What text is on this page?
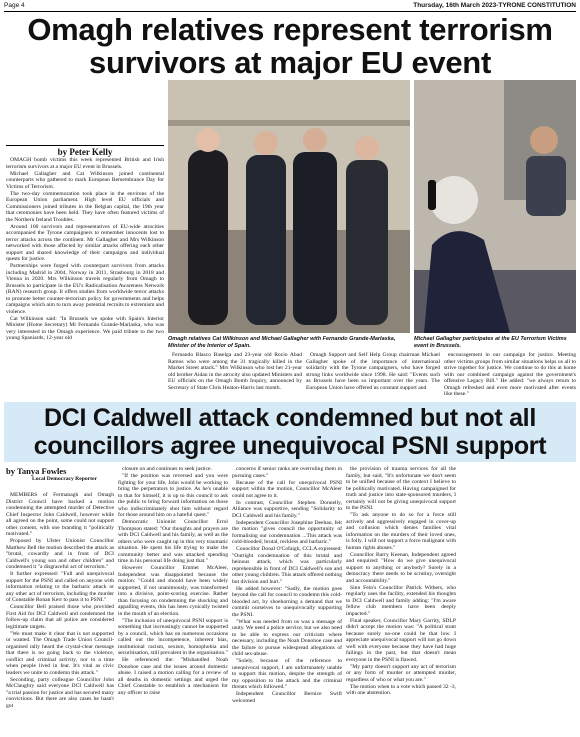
Page 4	Thursday, 16th March 2023-TYRONE CONSTITUTION
Omagh relatives represent terrorism survivors at major EU event
by Peter Kelly

OMAGH bomb victims this week represented British and Irish terrorism survivors at a major EU event in Brussels.

Michael Gallagher and Cat Wilkinson joined continental counterparts who gathered to mark European Remembrance Day for Victims of Terrorism.

The two-day commemoration took place in the environs of the European Union parliament. High level EU officials and Commissioners joined tributes in the Belgian capital, the 19th year that ceremonies have been held. They have often featured victims of the Northern Ireland Troubles.

Around 100 survivors and representatives of EU-wide atrocities accompanied the Tyrone campaigners to remember innocents lost to terror attacks across the continent. Mr Gallagher and Mrs Wilkinson networked with those affected by similar attacks offering each other support and shared knowledge of their campaigns and individual quests for justice.

Partnerships were forged with counterpart survivors from attacks including Madrid in 2004, Norway in 2011, Strasbourg in 2018 and Vienna in 2020. Mrs Wilkinson travels regularly from Omagh to Brussels to participate in the EU's Radicalisation Awareness Network (RAN) research group. It offers studies from worldwide terror attacks to promote better counter-terrorism policy for governments and helps campaigns which aim to turn away potential recruits to extremism and violence.

Cat Wilkinson said: "In Brussels we spoke with Spain's Interior Minister (Home Secretary) Mr Fernando Grande-Marlaska, who was very interested in the Omagh experience. We paid tribute to the two young Spaniards, 12-year old	Omagh relatives Cat Wilkinson and Michael Gallagher with Fernando Grande-Marlaska, Minister of the Interior of Spain.
Michael Gallagher participates at the EU Terrorism Victims event in Brussels.

Fernando Blasco Baselga and 23-year old Rocio Abad Ramos who were among the 31 tragically killed in the Market Street attack." Mrs Wilkinson who lost her 21-year old brother Aidan in the atrocity also updated Ministers and EU officials on the Omagh Bomb Inquiry, announced by Secretary of State Chris Heaton-Harris last month.

Omagh Support and Self Help Group chairman Michael Gallagher spoke of the importance of international solidarity with the Tyrone campaigners, who have forged strong links worldwide since 1998. He said: "Events such as Brussels have been so important over the years. The European Union have offered us constant support and

encouragement in our campaign for justice. Meeting other victims groups from similar situations helps us all to strive together for justice. We continue to do this at home with our combined campaign against the government's offensive Legacy Bill." He added: "we always return to Omagh refreshed and even more motivated after events like these."

DCI Caldwell attack condemned but not all councillors agree unequivocal PSNI support
by Tanya Fowles
Local Democracy Reporter

MEMBERS of Fermanagh and Omagh District Council have backed a motion condemning the attempted murder of Detective Chief Inspector John Caldwell, however while all agreed on the point, some could not support other content, with one branding it "politically motivated."

Proposed by Ulster Unionist Councillor Matthew Bell the motion described the attack as "brutal, cowardly and in front of DCI Caldwell's young son and other children" and condemned it "a disgraceful act of terrorism."

It further expressed: "Full and unequivocal support for the PSNI and called on anyone with information relating to the barbaric attack or any other act of terrorism, including the murder of Constable Ronan Kerr to pass it to PSNI."

Councillor Bell praised those who provided First Aid for DCI Caldwell and condemned the follow-up claim that all police are considered legitimate targets.

"We must make it clear that is not supported or wanted. The Omagh Trade Union Council-organised rally heard the crystal-clear message that there is no going back to the violence, conflict and criminal activity, nor to a time when people lived in fear. It's vital as civic leaders we unite to condemn this attack."

Seconding, party colleague Councillor John McClaughry said everyone DCI Caldwell has "a trial passion for justice and has secured many convictions. But there are also cases he hasn't got

closure on and continues to seek justice.

"If the position was reversed and you were fighting for your life, John would be working to bring the perpetrators to justice. As he's unable to that for himself, it is up to this council to ask the public to bring forward information on those who indiscriminately shot him without regard for those around him on a hateful quest."

Democratic Unionist Councillor Errol Thompson stated: "Our thoughts and prayers are with DCI Caldwell and his family, as well as the others who were caught up in this very traumatic situation. He spent his life trying to make the community better and was attacked spending time in his personal life doing just that."

However Councillor Emmet McAleer, Independent was disappointed because the motion: "Could and should have been widely supported, if not unanimously, was transformed into a divisive, point-scoring exercise. Rather than focusing on condemning the shocking and appalling events, this has been cynically twisted in the mouth of an election.

"The inclusion of unequivocal PSNI support is something that increasingly cannot be supported by a council, which has on numerous occasions called out the incompetence, inherent bias, institutional racism, sexism, homophobia and securitisation, still prevalent in the organisation."

He referenced the: "Mishandled Noah Donohoe case and the issues around domestic abuse. I raised a motion calling for a review of all deaths in domestic settings and urged the Chief Constable to establish a mechanism for any officer to raise

concerns if senior ranks are overruling them in pursuing cases."

Because of the call for unequivocal PSNI support within the motion, Councillor McAleer could not agree to it.

In contrast, Councillor Stephen Donnelly, Alliance was supportive, sending "Solidarity to DCI Caldwell and his family."

Independent Councillor Josephine Deehan, felt the motion "gives council the opportunity of formalising our condemnation ...This attack was cold-blooded, brutal, reckless and barbaric."

Councillor Donal O'Cofaigh, CCLA expressed: "Outright condemnation of this brutal and heinous attack, which was particularly reprehensible in front of DCI Caldwell's son and other young children. This attack offered nothing but division and hurt."

He added however: "Sadly, the motion goes beyond the call for council to condemn this cold-blooded act, by shoehorning a demand that we commit ourselves to unequivocally supporting the PSNI.

"What was needed from us was a message of unity. We need a police service, but we also need to be able to express our criticism where necessary, including the Noah Donohoe case and the failure to pursue widespread allegations of child sex-abuse.

"Solely, because of the reference to unequivocal support, I am unfortunately unable to support this motion, despite the strength of my opposition to the attack and the criminal threats which followed."

Independent Councillor Bernice Swift welcomed

the provision of trauma services for all the family, but said, "It's unfortunate we don't seem to be unified because of the context I believe to be politically motivated. Having campaigned for truth and justice into state-sponsored murders, I certainly will not be giving unequivocal support to the PSNI.

"To ask anyone to do so for a force still actively and aggressively engaged in cover-up and collusion which denies families vital information on the murders of their loved ones, is folly. I will not support a force malignant with human rights abuses."

Councillor Barry Keenan, Independent agreed and enquired: "How do we give unequivocal support to anything or anybody? Surely in a democracy there needs to be scrutiny, oversight and accountability."

Sinn Fein's Councillor Patrick Withers, who regularly uses the facility, extended his thoughts to DCI Caldwell and family adding: "I'm aware fellow club members have been deeply impacted."

Final speaker, Councillor Mary Garrity, SDLP didn't accept the motion was: "A political stunt because surely no-one could be that low. I appreciate unequivocal support will not go down well with everyone because they have had huge failings in the past, but that doesn't mean everyone in the PSNI is flawed.

"My party doesn't support any act of terrorism or any form of murder or attempted murder, regardless of who or what you are."

The motion when to a vote which passed 32 -3, with one abstention.
